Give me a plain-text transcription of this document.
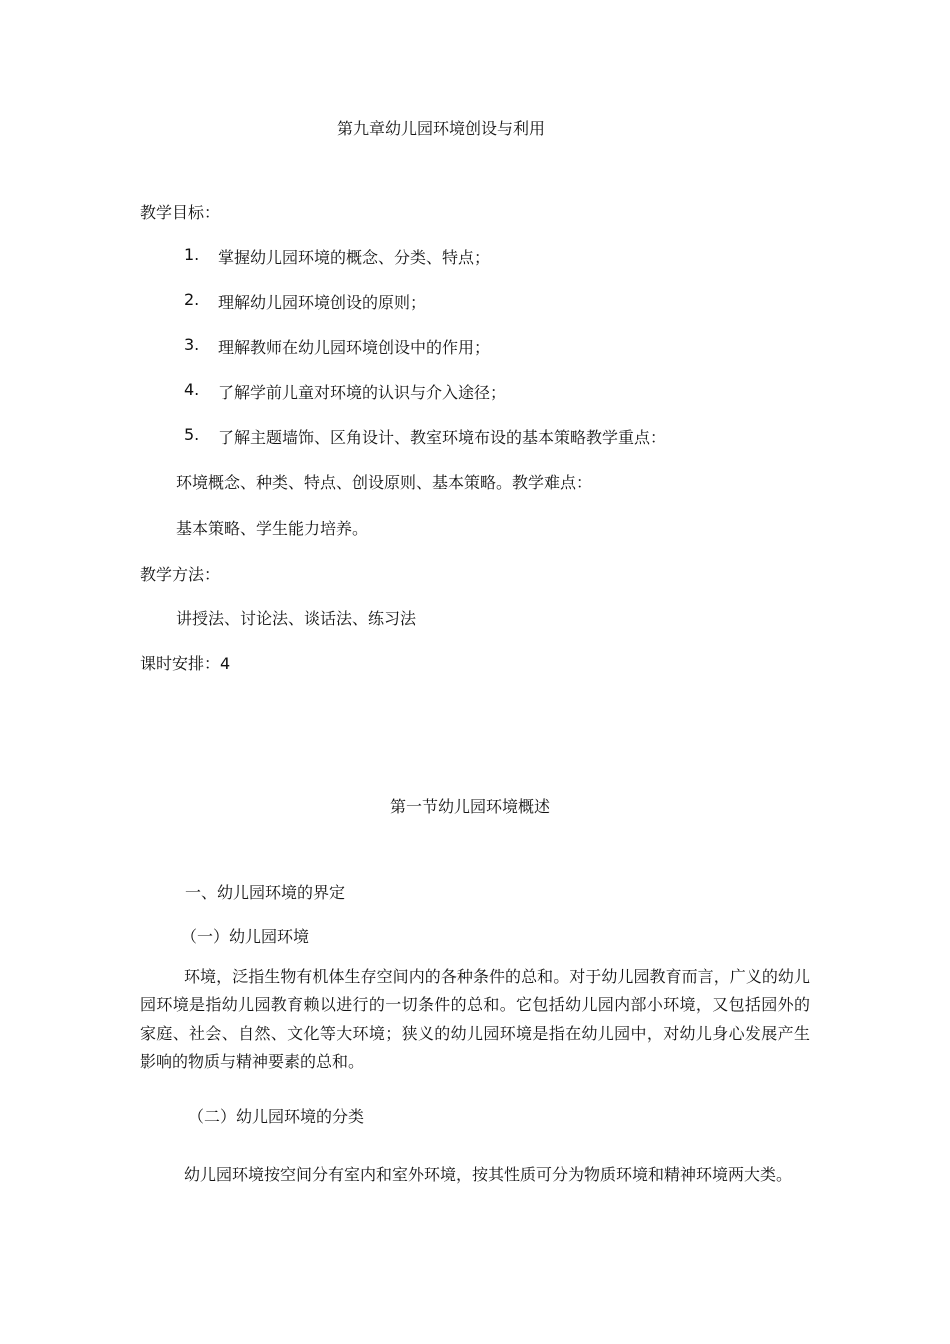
第九章幼儿园环境创设与利用
教学目标：
1. 掌握幼儿园环境的概念、分类、特点；
2. 理解幼儿园环境创设的原则；
3. 理解教师在幼儿园环境创设中的作用；
4. 了解学前儿童对环境的认识与介入途径；
5. 了解主题墙饰、区角设计、教室环境布设的基本策略教学重点：
环境概念、种类、特点、创设原则、基本策略。教学难点：
基本策略、学生能力培养。
教学方法：
讲授法、讨论法、谈话法、练习法
课时安排：4
第一节幼儿园环境概述
一、幼儿园环境的界定
（一）幼儿园环境
环境，泛指生物有机体生存空间内的各种条件的总和。对于幼儿园教育而言，广义的幼儿园环境是指幼儿园教育赖以进行的一切条件的总和。它包括幼儿园内部小环境，又包括园外的家庭、社会、自然、文化等大环境；狭义的幼儿园环境是指在幼儿园中，对幼儿身心发展产生影响的物质与精神要素的总和。
（二）幼儿园环境的分类
幼儿园环境按空间分有室内和室外环境，按其性质可分为物质环境和精神环境两大类。
